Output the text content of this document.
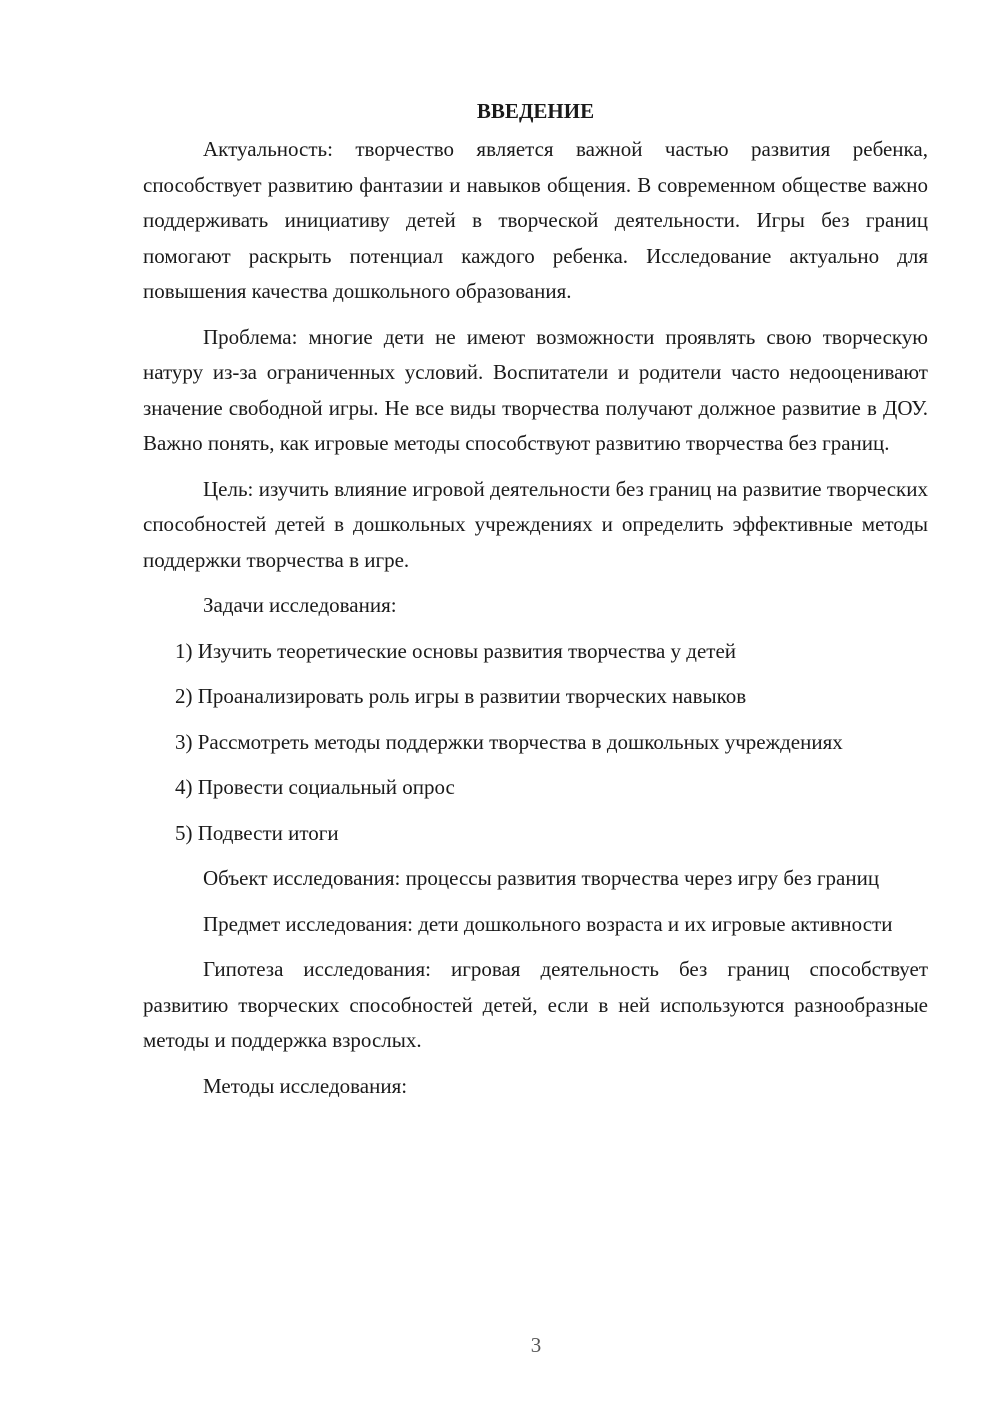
ВВЕДЕНИЕ

Актуальность: творчество является важной частью развития ребенка, способствует развитию фантазии и навыков общения. В современном обществе важно поддерживать инициативу детей в творческой деятельности. Игры без границ помогают раскрыть потенциал каждого ребенка. Исследование актуально для повышения качества дошкольного образования.

Проблема: многие дети не имеют возможности проявлять свою творческую натуру из-за ограниченных условий. Воспитатели и родители часто недооценивают значение свободной игры. Не все виды творчества получают должное развитие в ДОУ. Важно понять, как игровые методы способствуют развитию творчества без границ.

Цель: изучить влияние игровой деятельности без границ на развитие творческих способностей детей в дошкольных учреждениях и определить эффективные методы поддержки творчества в игре.

Задачи исследования:

1) Изучить теоретические основы развития творчества у детей

2) Проанализировать роль игры в развитии творческих навыков

3) Рассмотреть методы поддержки творчества в дошкольных учреждениях

4) Провести социальный опрос

5) Подвести итоги

Объект исследования: процессы развития творчества через игру без границ

Предмет исследования: дети дошкольного возраста и их игровые активности

Гипотеза исследования: игровая деятельность без границ способствует развитию творческих способностей детей, если в ней используются разнообразные методы и поддержка взрослых.

Методы исследования:

3
